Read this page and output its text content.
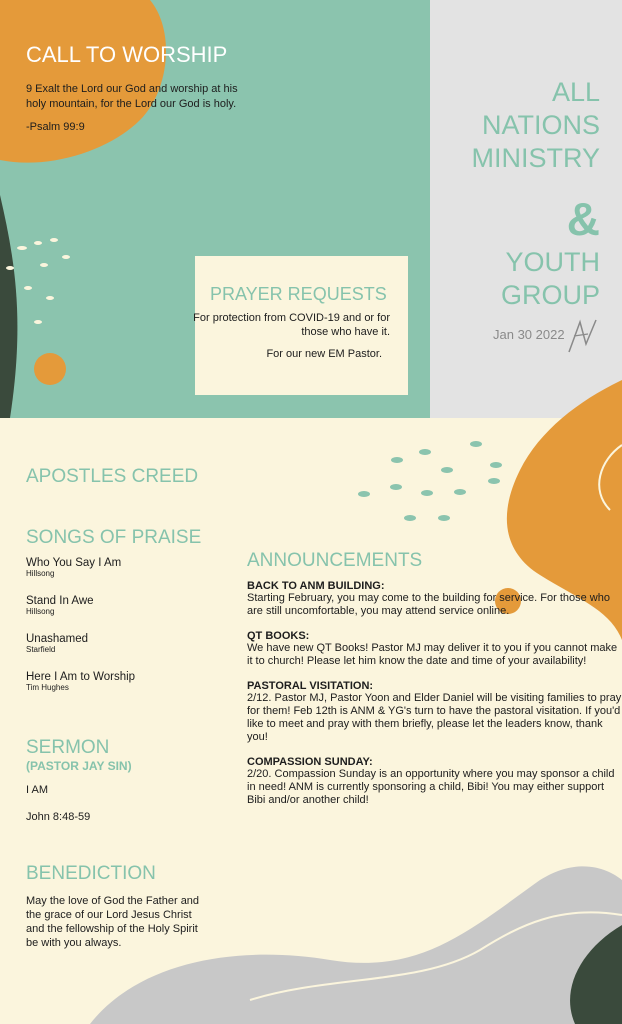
CALL TO WORSHIP
9 Exalt the Lord our God and worship at his holy mountain, for the Lord our God is holy.
-Psalm 99:9
ALL
NATIONS
MINISTRY
&
YOUTH
GROUP
Jan 30 2022
PRAYER REQUESTS
For protection from COVID-19 and or for those who have it.
For our new EM Pastor.
APOSTLES CREED
SONGS OF PRAISE
Who You Say I Am
Hillsong
Stand In Awe
Hillsong
Unashamed
Starfield
Here I Am to Worship
Tim Hughes
SERMON
(PASTOR JAY SIN)
I AM
John 8:48-59
BENEDICTION
May the love of God the Father and the grace of our Lord Jesus Christ and the fellowship of the Holy Spirit be with you always.
ANNOUNCEMENTS
BACK TO ANM BUILDING:
Starting February, you may come to the building for service. For those who are still uncomfortable, you may attend service online.
QT BOOKS:
We have new QT Books! Pastor MJ may deliver it to you if you cannot make it to church! Please let him know the date and time of your availability!
PASTORAL VISITATION:
2/12. Pastor MJ, Pastor Yoon and Elder Daniel will be visiting families to pray for them! Feb 12th is ANM & YG's turn to have the pastoral visitation. If you'd like to meet and pray with them briefly, please let the leaders know, thank you!
COMPASSION SUNDAY:
2/20. Compassion Sunday is an opportunity where you may sponsor a child in need! ANM is currently sponsoring a child, Bibi! You may either support Bibi and/or another child!
